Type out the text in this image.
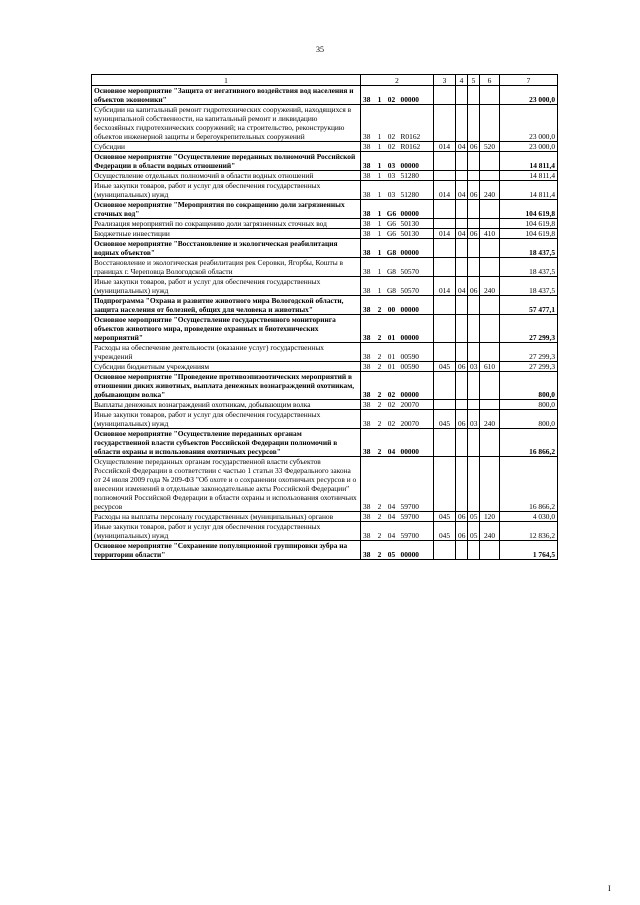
35
1	2				3	4	5	6	7
Основное мероприятие "Защита от негативного воздействия вод населения и объектов экономики"	38	1	02	00000					23 000,0
Субсидии на капитальный ремонт гидротехнических сооружений, находящихся в муниципальной собственности, на капитальный ремонт и ликвидацию бесхозяйных гидротехнических сооружений; на строительство, реконструкцию объектов инженерной защиты и берегоукрепительных сооружений	38	1	02	R0162					23 000,0
Субсидии	38	1	02	R0162	014	04	06	520	23 000,0
Основное мероприятие "Осуществление переданных полномочий Российской Федерации в области водных отношений"	38	1	03	00000					14 811,4
Осуществление отдельных полномочий в области водных отношений	38	1	03	51280					14 811,4
Иные закупки товаров, работ и услуг для обеспечения государственных (муниципальных) нужд	38	1	03	51280	014	04	06	240	14 811,4
Основное мероприятие "Мероприятия по сокращению доли загрязненных сточных вод"	38	1	G6	00000					104 619,8
Реализация мероприятий по сокращению доли загрязненных сточных вод	38	1	G6	50130					104 619,8
Бюджетные инвестиции	38	1	G6	50130	014	04	06	410	104 619,8
Основное мероприятие "Восстановление и экологическая реабилитация водных объектов"	38	1	G8	00000					18 437,5
Восстановление и экологическая реабилитация рек Серовки, Ягорбы, Кошты в границах г. Череповца Вологодской области	38	1	G8	50570					18 437,5
Иные закупки товаров, работ и услуг для обеспечения государственных (муниципальных) нужд	38	1	G8	50570	014	04	06	240	18 437,5
Подпрограмма "Охрана и развитие животного мира Вологодской области, защита населения от болезней, общих для человека и животных"	38	2	00	00000					57 477,1
Основное мероприятие "Осуществление государственного мониторинга объектов животного мира, проведение охранных и биотехнических мероприятий"	38	2	01	00000					27 299,3
Расходы на обеспечение деятельности (оказание услуг) государственных учреждений	38	2	01	00590					27 299,3
Субсидии бюджетным учреждениям	38	2	01	00590	045	06	03	610	27 299,3
Основное мероприятие "Проведение противоэпизоотических мероприятий в отношении диких животных, выплата денежных вознаграждений охотникам, добывающим волка"	38	2	02	00000					800,0
Выплаты денежных вознаграждений охотникам, добывающим волка	38	2	02	20070					800,0
Иные закупки товаров, работ и услуг для обеспечения государственных (муниципальных) нужд	38	2	02	20070	045	06	03	240	800,0
Основное мероприятие "Осуществление переданных органам государственной власти субъектов Российской Федерации полномочий в области охраны и использования охотничьих ресурсов"	38	2	04	00000					16 866,2
Осуществление переданных органам государственной власти субъектов Российской Федерации в соответствии с частью 1 статьи 33 Федерального закона от 24 июля 2009 года № 209-ФЗ "Об охоте и о сохранении охотничьих ресурсов и о внесении изменений в отдельные законодательные акты Российской Федерации" полномочий Российской Федерации в области охраны и использования охотничьих ресурсов	38	2	04	59700					16 866,2
Расходы на выплаты персоналу государственных (муниципальных) органов	38	2	04	59700	045	06	05	120	4 030,0
Иные закупки товаров, работ и услуг для обеспечения государственных (муниципальных) нужд	38	2	04	59700	045	06	05	240	12 836,2
Основное мероприятие "Сохранение популяционной группировки зубра на территории области"	38	2	05	00000					1 764,5
I
